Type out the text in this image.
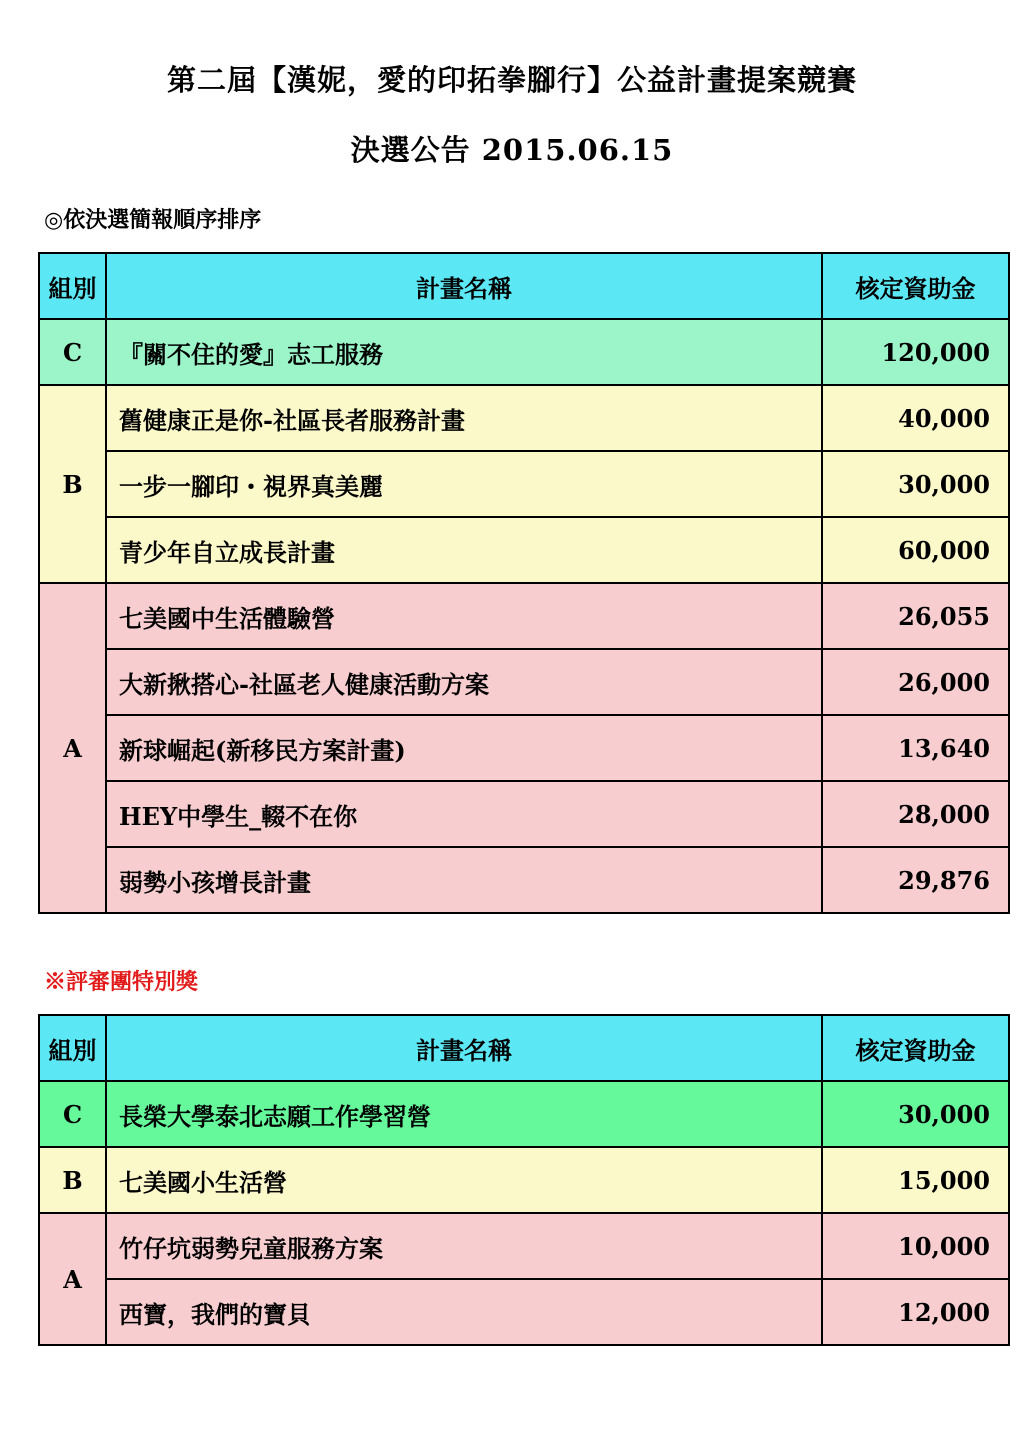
第二屆【漢妮，愛的印拓拳腳行】公益計畫提案競賽
決選公告 2015.06.15
◎依決選簡報順序排序
組別	計畫名稱	核定資助金
C	『關不住的愛』志工服務	120,000
B	舊健康正是你-社區長者服務計畫	40,000
	一步一腳印・視界真美麗	30,000
	青少年自立成長計畫	60,000
A	七美國中生活體驗營	26,055
	大新揪搭心-社區老人健康活動方案	26,000
	新球崛起(新移民方案計畫)	13,640
	HEY中學生_輟不在你	28,000
	弱勢小孩增長計畫	29,876
※評審團特別獎
組別	計畫名稱	核定資助金
C	長榮大學泰北志願工作學習營	30,000
B	七美國小生活營	15,000
A	竹仔坑弱勢兒童服務方案	10,000
	西寶，我們的寶貝	12,000
